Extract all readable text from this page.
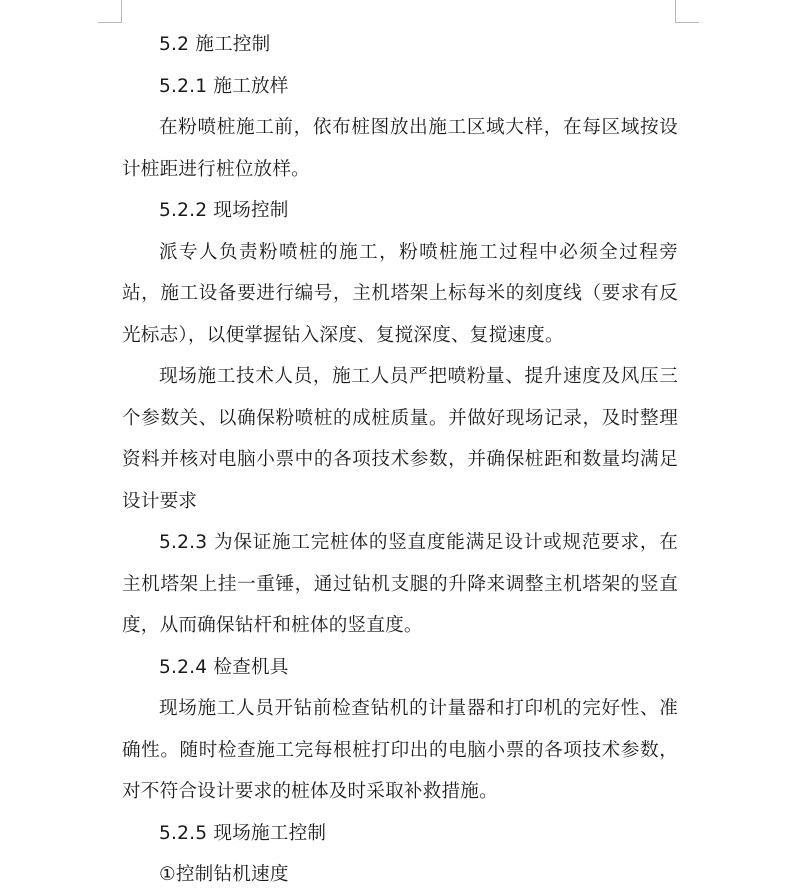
5.2 施工控制

5.2.1 施工放样

在粉喷桩施工前，依布桩图放出施工区域大样，在每区域按设计桩距进行桩位放样。

5.2.2 现场控制

派专人负责粉喷桩的施工，粉喷桩施工过程中必须全过程旁站，施工设备要进行编号，主机塔架上标每米的刻度线（要求有反光标志），以便掌握钻入深度、复搅深度、复搅速度。

现场施工技术人员，施工人员严把喷粉量、提升速度及风压三个参数关、以确保粉喷桩的成桩质量。并做好现场记录，及时整理资料并核对电脑小票中的各项技术参数，并确保桩距和数量均满足设计要求

5.2.3 为保证施工完桩体的竖直度能满足设计或规范要求，在主机塔架上挂一重锤，通过钻机支腿的升降来调整主机塔架的竖直度，从而确保钻杆和桩体的竖直度。

5.2.4 检查机具

现场施工人员开钻前检查钻机的计量器和打印机的完好性、准确性。随时检查施工完每根桩打印出的电脑小票的各项技术参数，对不符合设计要求的桩体及时采取补救措施。

5.2.5 现场施工控制

①控制钻机速度
